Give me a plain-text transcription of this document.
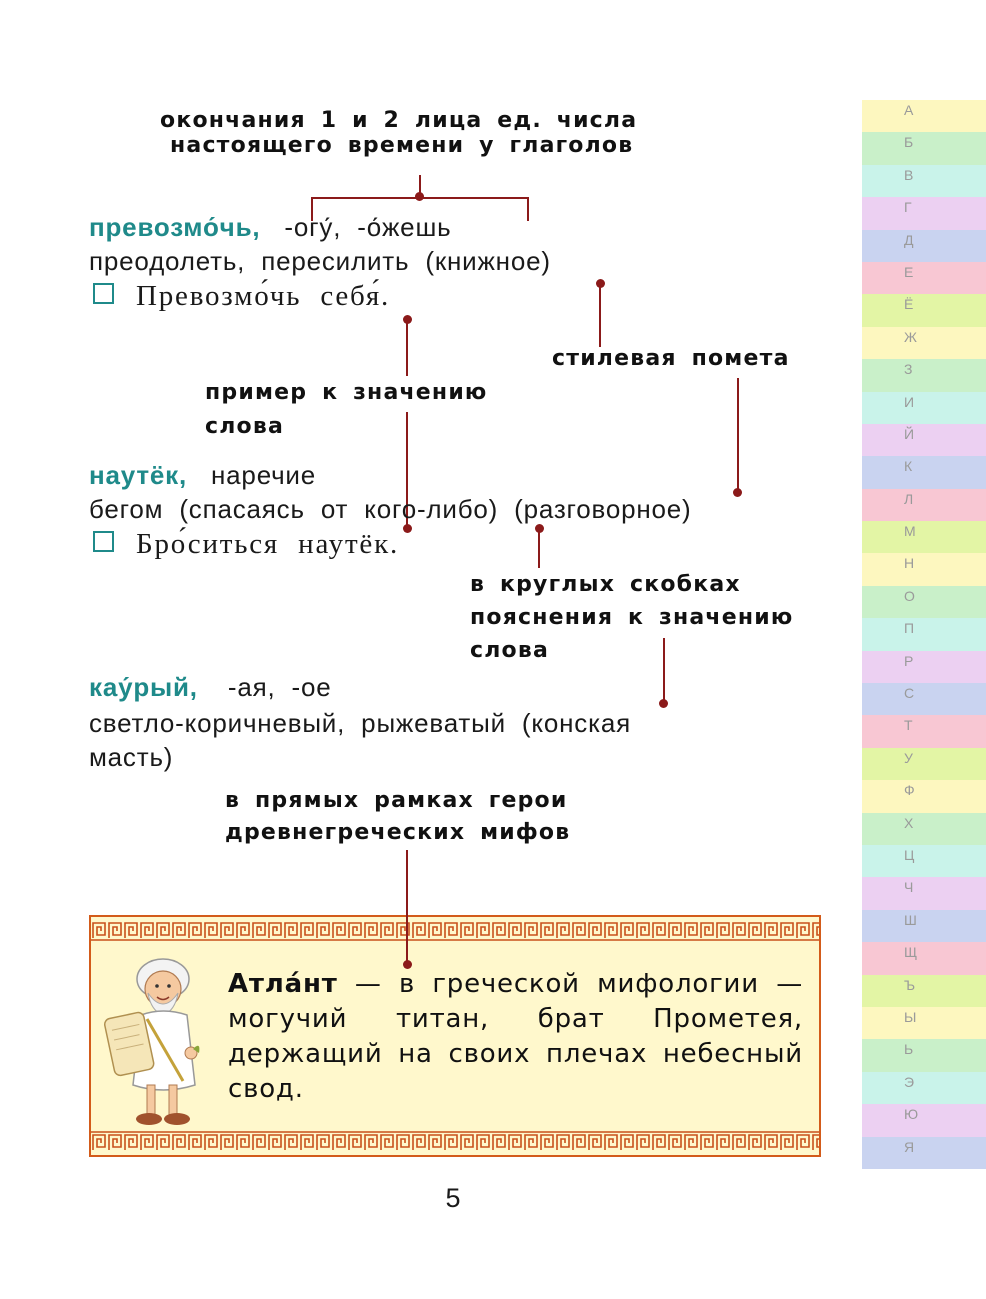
окончания 1 и 2 лица ед. числа
настоящего времени у глаголов
превозмо́чь, -огу́, -о́жешь
преодолеть, пересилить (книжное)
Превозмо́чь себя́.
стилевая помета
пример к значению
слова
наутёк, наречие
бегом (спасаясь от кого-либо) (разговорное)
Бро́ситься наутёк.
в круглых скобках
пояснения к значению
слова
кау́рый, -ая, -ое
светло-коричневый, рыжеватый (конская
масть)
в прямых рамках герои
древнегреческих мифов
Атла́нт — в греческой мифологии — могучий титан, брат Прометея, держащий на своих плечах небесный свод.
А
Б
В
Г
Д
Е
Ё
Ж
З
И
Й
К
Л
М
Н
О
П
Р
С
Т
У
Ф
Х
Ц
Ч
Ш
Щ
Ъ
Ы
Ь
Э
Ю
Я
5
